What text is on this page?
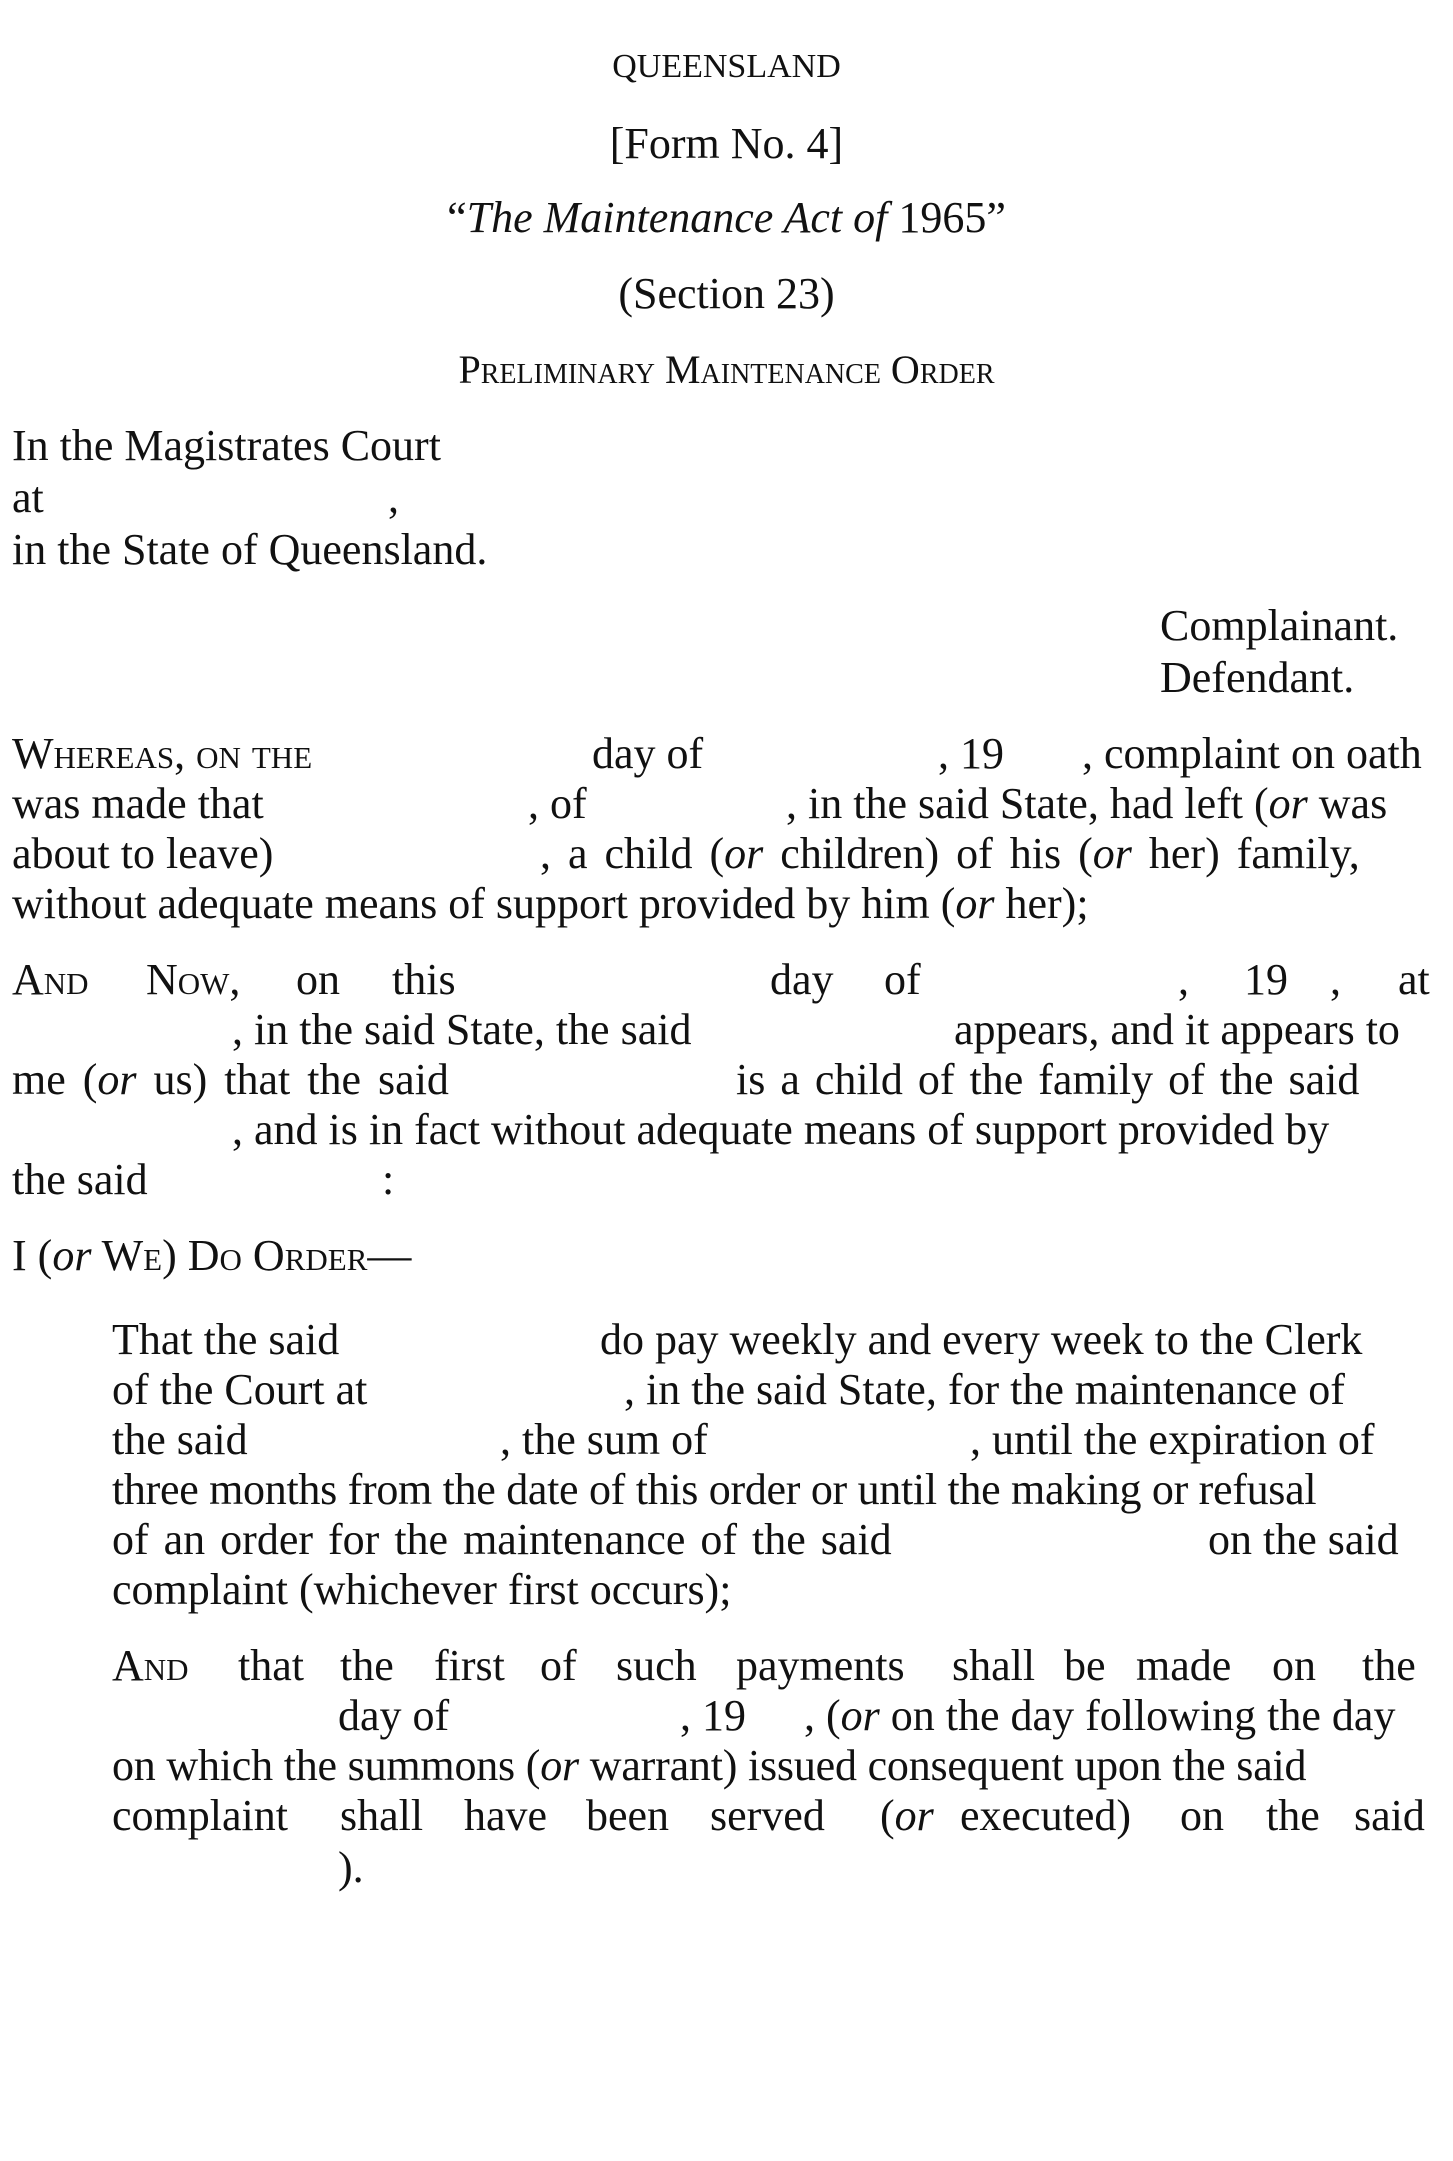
QUEENSLAND
[Form No. 4]
“The Maintenance Act of 1965”
(Section 23)
Preliminary Maintenance Order
In the Magistrates Court
at	,
in the State of Queensland.
Complainant.
Defendant.
Whereas, on the	day of	, 19 , complaint on oath
was made that	, of	, in the said State, had left (or was
about to leave)	, a child (or children) of his (or her) family,
without adequate means of support provided by him (or her);
And Now, on this	day of	, 19 , at
, in the said State, the said	appears, and it appears to
me (or us) that the said	is a child of the family of the said
, and is in fact without adequate means of support provided by
the said	:
I (or We) Do Order—
That the said	do pay weekly and every week to the Clerk
of the Court at	, in the said State, for the maintenance of
the said	, the sum of	, until the expiration of
three months from the date of this order or until the making or refusal
of an order for the maintenance of the said	on the said
complaint (whichever first occurs);
And that the first of such payments shall be made on the
day of	, 19 , (or on the day following the day
on which the summons (or warrant) issued consequent upon the said
complaint shall have been served (or executed) on the said
).
